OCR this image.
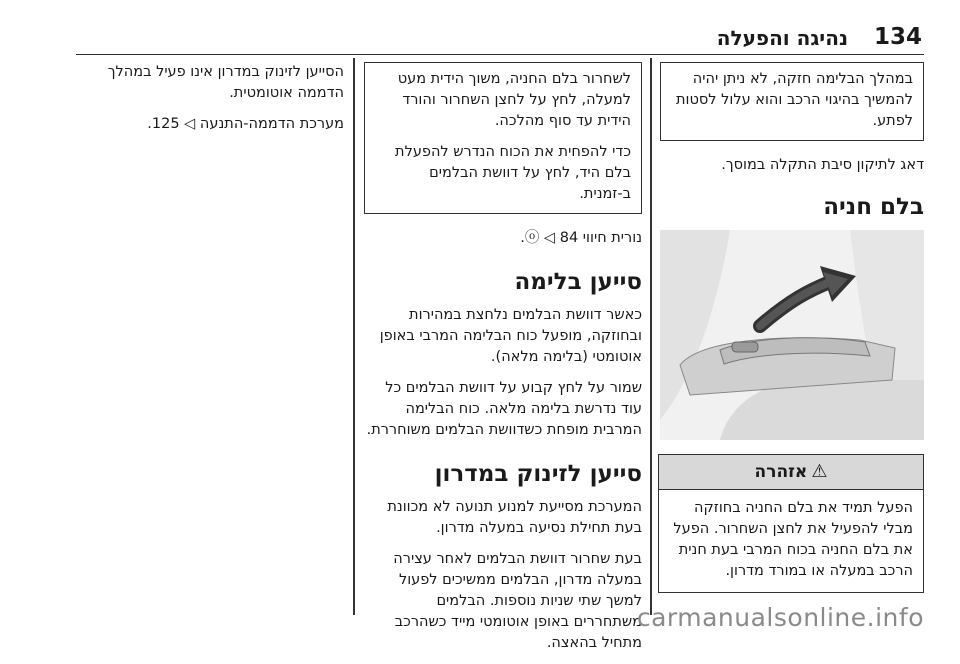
134
נהיגה והפעלה

במהלך הבלימה חזקה, לא ניתן יהיה להמשיך בהיגוי הרכב והוא עלול לסטות לפתע.

דאג לתיקון סיבת התקלה במוסך.

בלם חניה
⚠אזהרה
הפעל תמיד את בלם החניה בחוזקה מבלי להפעיל את לחצן השחרור. הפעל את בלם החניה בכוח המרבי בעת חנית הרכב במעלה או במורד מדרון.

לשחרור בלם החניה, משוך הידית מעט למעלה, לחץ על לחצן השחרור והורד הידית עד סוף מהלכה.

כדי להפחית את הכוח הנדרש להפעלת בלם היד, לחץ על דוושת הבלמים ב-זמנית.

נורית חיווי ⓞ ◁ 84.

סייען בלימה

כאשר דוושת הבלמים נלחצת במהירות ובחוזקה, מופעל כוח הבלימה המרבי באופן אוטומטי (בלימה מלאה).

שמור על לחץ קבוע על דוושת הבלמים כל עוד נדרשת בלימה מלאה. כוח הבלימה המרבית מופחת כשדוושת הבלמים משוחררת.

סייען לזינוק במדרון

המערכת מסייעת למנוע תנועה לא מכוונת בעת תחילת נסיעה במעלה מדרון.

בעת שחרור דוושת הבלמים לאחר עצירה במעלה מדרון, הבלמים ממשיכים לפעול למשך שתי שניות נוספות. הבלמים משתחררים באופן אוטומטי מייד כשהרכב מתחיל בהאצה.

הסייען לזינוק במדרון אינו פעיל במהלך הדממה אוטומטית.

מערכת הדממה-התנעה ◁ 125.

carmanualsonline.info
